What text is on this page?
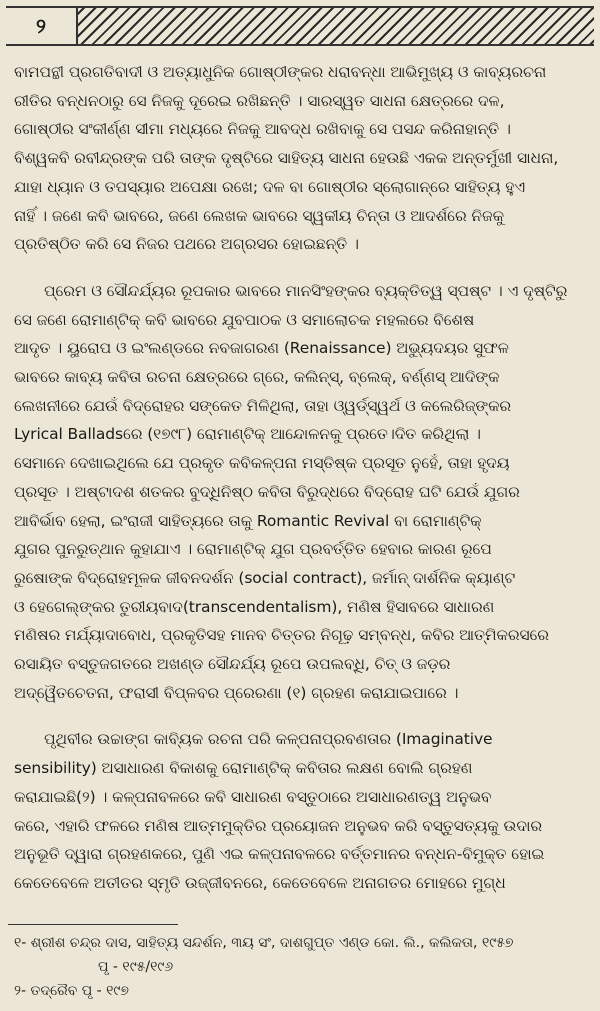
୨

ବାମପନ୍ଥୀ ପ୍ରଗତିବାଦୀ ଓ ଅତ୍ୟାଧୁନିକ ଗୋଷ୍ଠୀଙ୍କର ଧରାବନ୍ଧା ଆଭିମୁଖ୍ୟ ଓ କାବ୍ୟରଚନା

ରୀତିର ବନ୍ଧନଠାରୁ ସେ ନିଜକୁ ଦୂରେଇ ରଖିଛନ୍ତି । ସାରସ୍ୱତ ସାଧନା କ୍ଷେତ୍ରରେ ଦଳ,

ଗୋଷ୍ଠୀର ସଂକୀର୍ଣ୍ଣ ସୀମା ମଧ୍ୟରେ ନିଜକୁ ଆବଦ୍ଧ ରଖିବାକୁ ସେ ପସନ୍ଦ କରିନାହାନ୍ତି ।

ବିଶ୍ୱକବି ରବୀନ୍ଦ୍ରଙ୍କ ପରି ତାଙ୍କ ଦୃଷ୍ଟିରେ ସାହିତ୍ୟ ସାଧନା ହେଉଛି ଏକକ ଅନ୍ତର୍ମୁଖୀ ସାଧନା,

ଯାହା ଧ୍ୟାନ ଓ ତପସ୍ୟାର ଅପେକ୍ଷା ରଖେ; ଦଳ ବା ଗୋଷ୍ଠୀର ସ୍ଲୋଗାନ୍‌ରେ ସାହିତ୍ୟ ହୁଏ

ନାହିଁ । ଜଣେ କବି ଭାବରେ, ଜଣେ ଲେଖକ ଭାବରେ ସ୍ୱକୀୟ ଚିନ୍ତା ଓ ଆଦର୍ଶରେ ନିଜକୁ

ପ୍ରତିଷ୍ଠିତ କରି ସେ ନିଜର ପଥରେ ଅଗ୍ରସର ହୋଇଛନ୍ତି ।

ପ୍ରେମ ଓ ସୌନ୍ଦର୍ଯ୍ୟର ରୂପକାର ଭାବରେ ମାନସିଂହଙ୍କର ବ୍ୟକ୍ତିତ୍ୱ ସ୍ପଷ୍ଟ । ଏ ଦୃଷ୍ଟିରୁ

ସେ ଜଣେ ରୋମାଣ୍ଟିକ୍ କବି ଭାବରେ ଯୁବପାଠକ ଓ ସମାଲୋଚକ ମହଲରେ ବିଶେଷ

ଆଦୃତ । ୟୁରୋପ ଓ ଇଂଲଣ୍ଡରେ ନବଜାଗରଣ (Renaissance) ଅଭ୍ୟୁଦୟର ସୁଫଳ

ଭାବରେ କାବ୍ୟ କବିତା ରଚନା କ୍ଷେତ୍ରରେ ଗ୍ରେ, କଲିନ୍‌ସ୍, ବ୍ଲେକ୍, ବର୍ଣ୍ଣସ୍ ଆଦିଙ୍କ

ଲେଖନୀରେ ଯେଉଁ ବିଦ୍ରୋହର ସଙ୍କେତ ମିଳିଥିଲା, ତାହା ଓ୍ୱର୍ଡ୍‌ସ୍‌ୱର୍ଥ ଓ କଲେରିଜ୍‌ଙ୍କର

Lyrical Balladsରେ (୧୭୯୮) ରୋମାଣ୍ଟିକ୍ ଆନ୍ଦୋଳନକୁ ପ୍ରତେ।ଦିତ କରିଥିଲା ।

ସେମାନେ ଦେଖାଇଥିଲେ ଯେ ପ୍ରକୃତ କବିକଳ୍ପନା ମସ୍ତିଷ୍କ ପ୍ରସୂତ ନୁହେଁ, ତାହା ହୃଦୟ

ପ୍ରସୂତ । ଅଷ୍ଟାଦଶ ଶତକର ବୁଦ୍ଧିନିଷ୍ଠ କବିତା ବିରୁଦ୍ଧରେ ବିଦ୍ରୋହ ଘଟି ଯେଉଁ ଯୁଗର

ଆବିର୍ଭାବ ହେଲା, ଇଂରାଜୀ ସାହିତ୍ୟରେ ତାକୁ Romantic Revival ବା ରୋମାଣ୍ଟିକ୍

ଯୁଗର ପୁନରୁତ୍‌ଥାନ କୁହାଯାଏ । ରୋମାଣ୍ଟିକ୍ ଯୁଗ ପ୍ରବର୍ତ୍ତିତ ହେବାର କାରଣ ରୂପେ

ରୁଷୋଙ୍କ ବିଦ୍ରୋହମୂଳକ ଜୀବନଦର୍ଶନ (social contract), ଜର୍ମାନ୍ ଦାର୍ଶନିକ କ୍ୟାଣ୍ଟ

ଓ ହେଗେଲ୍‌ଙ୍କର ତୁରୀୟବାଦ(transcendentalism), ମଣିଷ ହିସାବରେ ସାଧାରଣ

ମଣିଷର ମର୍ଯ୍ୟାଦାବୋଧ, ପ୍ରକୃତିସହ ମାନବ ଚିତ୍ତର ନିଗୂଢ଼ ସମ୍ବନ୍ଧ, କବିର ଆତ୍ମିକରସରେ

ରସାୟିତ ବସ୍ତୁଜଗତରେ ଅଖଣ୍ଡ ସୌନ୍ଦର୍ଯ୍ୟ ରୂପେ ଉପଲବ୍ଧି, ଚିତ୍ ଓ ଜଡ଼ର

ଅଦ୍ୱୈତଚେତନା, ଫରାସୀ ବିପ୍ଳବର ପ୍ରେରଣା (୧) ଗ୍ରହଣ କରାଯାଇପାରେ ।

ପୃଥିବୀର ଉଚ୍ଚାଙ୍ଗ କାବ୍ୟିକ ରଚନା ପରି କଳ୍ପନାପ୍ରବଣତାର (Imaginative

sensibility) ଅସାଧାରଣ ବିକାଶକୁ ରୋମାଣ୍ଟିକ୍ କବିତାର ଲକ୍ଷଣ ବୋଲି ଗ୍ରହଣ

କରାଯାଇଛି(୨) । କଳ୍ପନାବଳରେ କବି ସାଧାରଣ ବସ୍ତୁଠାରେ ଅସାଧାରଣତ୍ୱ ଅନୁଭବ

କରେ, ଏହାରି ଫଳରେ ମଣିଷ ଆତ୍ମମୁକ୍ତିର ପ୍ରୟୋଜନ ଅନୁଭବ କରି ବସ୍ତୁସତ୍ୟକୁ ଉଦାର

ଅନୁଭୂତି ଦ୍ୱାରା ଗ୍ରହଣକରେ, ପୁଣି ଏଇ କଳ୍ପନାବଳରେ ବର୍ତ୍ତମାନର ବନ୍ଧନ-ବିମୁକ୍ତ ହୋଇ

କେତେବେଳେ ଅତୀତର ସ୍ମୃତି ଉଜ୍ଜୀବନରେ, କେତେବେଳେ ଅନାଗତର ମୋହରେ ମୁଗ୍ଧ

୧- ଶ୍ରୀଶ ଚନ୍ଦ୍ର ଦାସ, ସାହିତ୍ୟ ସନ୍ଦର୍ଶନ, ୩ୟ ସଂ, ଦାଶଗୁପ୍ତ ଏଣ୍ଡ କୋ. ଲି., କଲିକତା, ୧୯୫୭

ପୃ - ୧୯୫/୧୯୬

୨- ତଦ୍ରୈବ ପୃ - ୧୯୭
